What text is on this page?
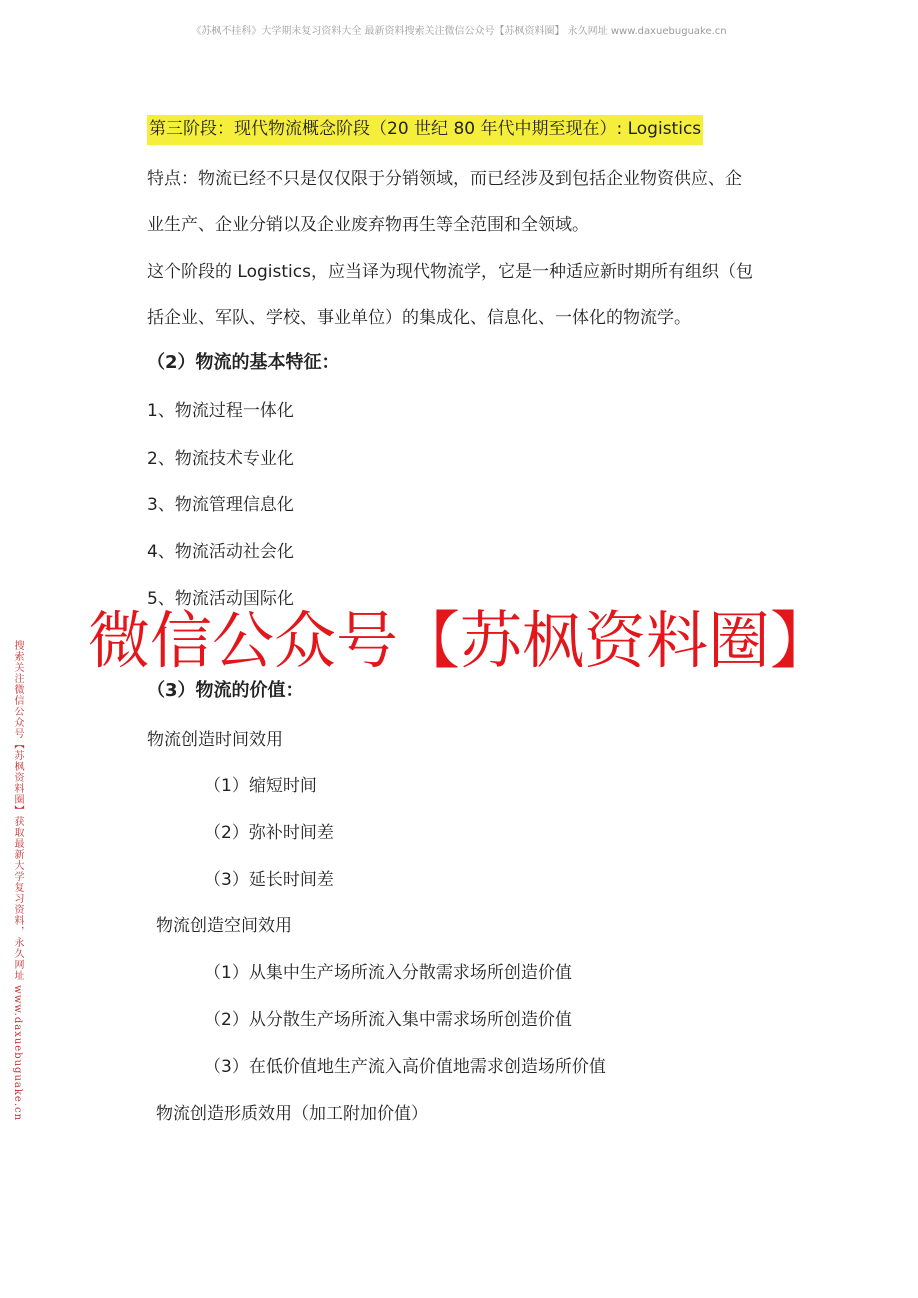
《苏枫不挂科》大学期末复习资料大全 最新资料搜索关注微信公众号【苏枫资料圈】 永久网址 www.daxuebuguake.cn
搜索关注微信公众号【苏枫资料圈】获取最新大学复习资料，永久网址 www.daxuebuguake.cn
第三阶段：现代物流概念阶段（20 世纪 80 年代中期至现在）: Logistics
特点：物流已经不只是仅仅限于分销领域，而已经涉及到包括企业物资供应、企
业生产、企业分销以及企业废弃物再生等全范围和全领域。
这个阶段的 Logistics，应当译为现代物流学，它是一种适应新时期所有组织（包
括企业、军队、学校、事业单位）的集成化、信息化、一体化的物流学。
（2）物流的基本特征：
1、物流过程一体化
2、物流技术专业化
3、物流管理信息化
4、物流活动社会化
5、物流活动国际化
微信公众号【苏枫资料圈】
（3）物流的价值：
物流创造时间效用
（1）缩短时间
（2）弥补时间差
（3）延长时间差
物流创造空间效用
（1）从集中生产场所流入分散需求场所创造价值
（2）从分散生产场所流入集中需求场所创造价值
（3）在低价值地生产流入高价值地需求创造场所价值
物流创造形质效用（加工附加价值）
